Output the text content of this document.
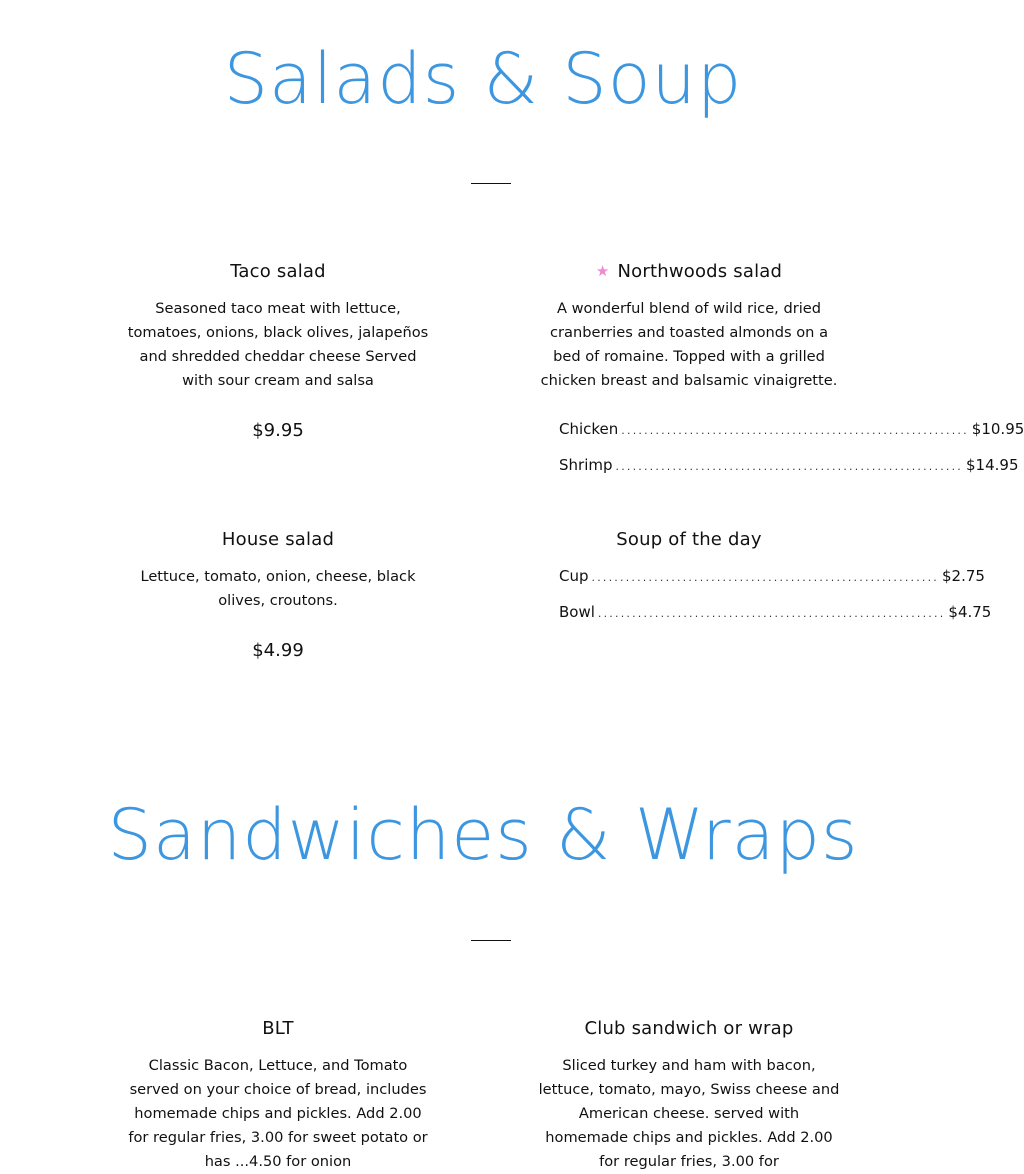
Salads & Soup
Taco salad

Seasoned taco meat with lettuce, tomatoes, onions, black olives, jalapeños and shredded cheddar cheese Served with sour cream and salsa

$9.95
★ Northwoods salad

A wonderful blend of wild rice, dried cranberries and toasted almonds on a bed of romaine. Topped with a grilled chicken breast and balsamic vinaigrette.

Chicken ............................................................. $10.95
Shrimp ............................................................. $14.95
House salad

Lettuce, tomato, onion, cheese, black olives, croutons.

$4.99
Soup of the day
Cup ............................................................. $2.75
Bowl ............................................................. $4.75
Sandwiches & Wraps
BLT

Classic Bacon, Lettuce, and Tomato served on your choice of bread, includes homemade chips and pickles. Add 2.00 for regular fries, 3.00 for sweet potato or has ...4.50 for onion

Club sandwich or wrap

Sliced turkey and ham with bacon, lettuce, tomato, mayo, Swiss cheese and American cheese. served with homemade chips and pickles. Add 2.00 for regular fries, 3.00 for
